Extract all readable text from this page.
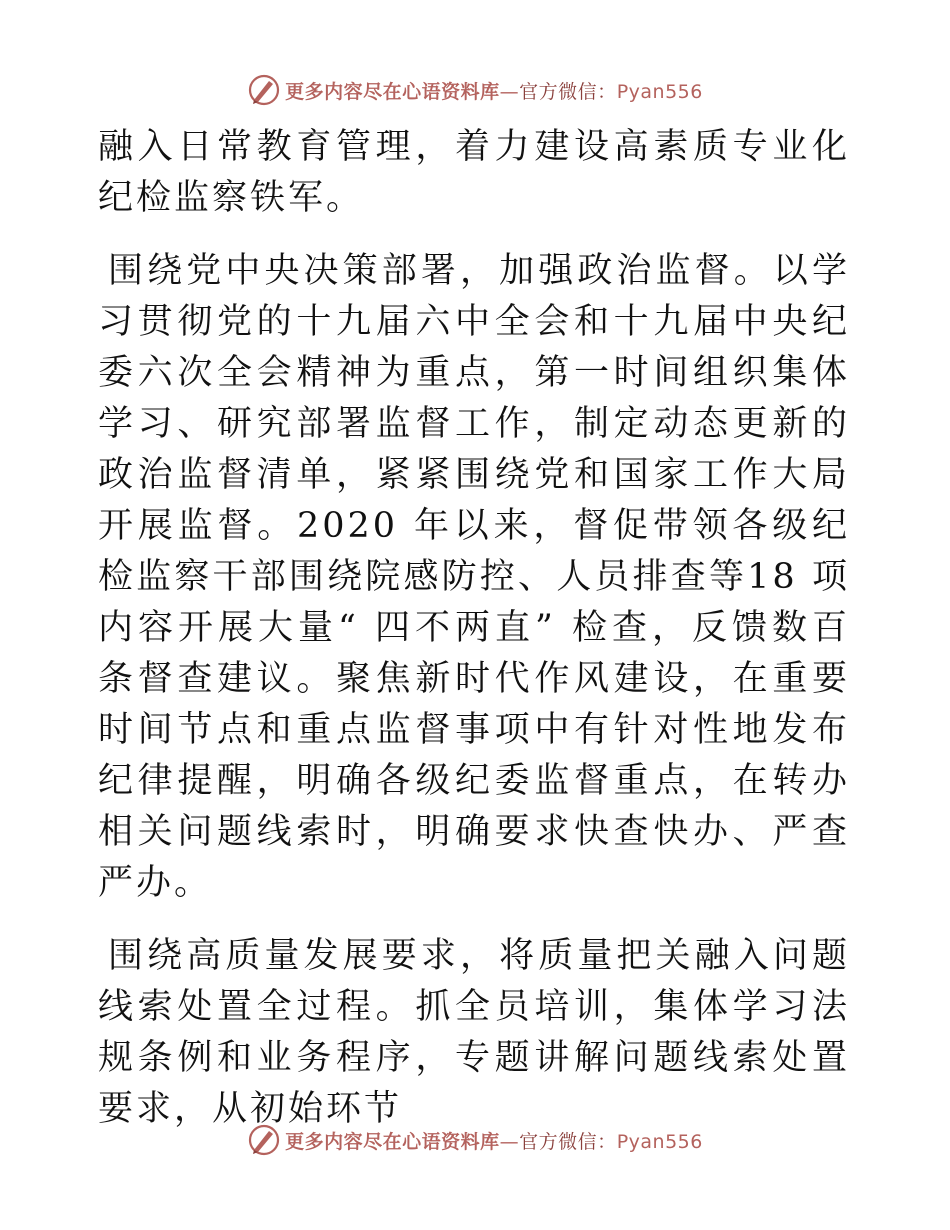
更多内容尽在心语资料库—官方微信：Pyan556

融入日常教育管理，着力建设高素质专业化纪检监察铁军。

围绕党中央决策部署，加强政治监督。以学习贯彻党的十九届六中全会和十九届中央纪委六次全会精神为重点，第一时间组织集体学习、研究部署监督工作，制定动态更新的政治监督清单，紧紧围绕党和国家工作大局开展监督。2020 年以来，督促带领各级纪检监察干部围绕院感防控、人员排查等18 项内容开展大量“ 四不两直” 检查，反馈数百条督查建议。聚焦新时代作风建设，在重要时间节点和重点监督事项中有针对性地发布纪律提醒，明确各级纪委监督重点，在转办相关问题线索时，明确要求快查快办、严查严办。

围绕高质量发展要求，将质量把关融入问题线索处置全过程。抓全员培训，集体学习法规条例和业务程序，专题讲解问题线索处置要求，从初始环节

更多内容尽在心语资料库—官方微信：Pyan556
